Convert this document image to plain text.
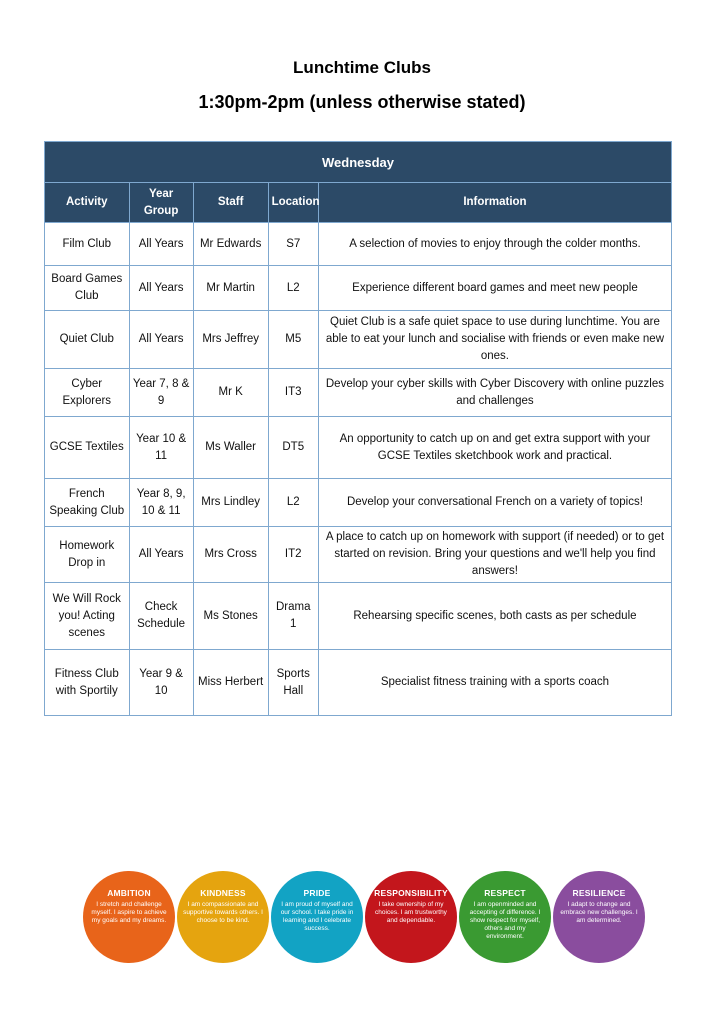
Lunchtime Clubs
1:30pm-2pm (unless otherwise stated)
Wednesday				
Activity	Year Group	Staff	Location	Information
Film Club	All Years	Mr Edwards	S7	A selection of movies to enjoy through the colder months.
Board Games Club	All Years	Mr Martin	L2	Experience different board games and meet new people
Quiet Club	All Years	Mrs Jeffrey	M5	Quiet Club is a safe quiet space to use during lunchtime. You are able to eat your lunch and socialise with friends or even make new ones.
Cyber Explorers	Year 7, 8 & 9	Mr K	IT3	Develop your cyber skills with Cyber Discovery with online puzzles and challenges
GCSE Textiles	Year 10 & 11	Ms Waller	DT5	An opportunity to catch up on and get extra support with your GCSE Textiles sketchbook work and practical.
French Speaking Club	Year 8, 9, 10 & 11	Mrs Lindley	L2	Develop your conversational French on a variety of topics!
Homework Drop in	All Years	Mrs Cross	IT2	A place to catch up on homework with support (if needed) or to get started on revision. Bring your questions and we'll help you find answers!
We Will Rock you! Acting scenes	Check Schedule	Ms Stones	Drama 1	Rehearsing specific scenes, both casts as per schedule
Fitness Club with Sportily	Year 9 & 10	Miss Herbert	Sports Hall	Specialist fitness training with a sports coach
AMBITION
I stretch and challenge myself. I aspire to achieve my goals and my dreams.
KINDNESS
I am compassionate and supportive towards others. I choose to be kind.
PRIDE
I am proud of myself and our school. I take pride in learning and I celebrate success.
RESPONSIBILITY
I take ownership of my choices. I am trustworthy and dependable.
RESPECT
I am openminded and accepting of difference. I show respect for myself, others and my environment.
RESILIENCE
I adapt to change and embrace new challenges. I am determined.
